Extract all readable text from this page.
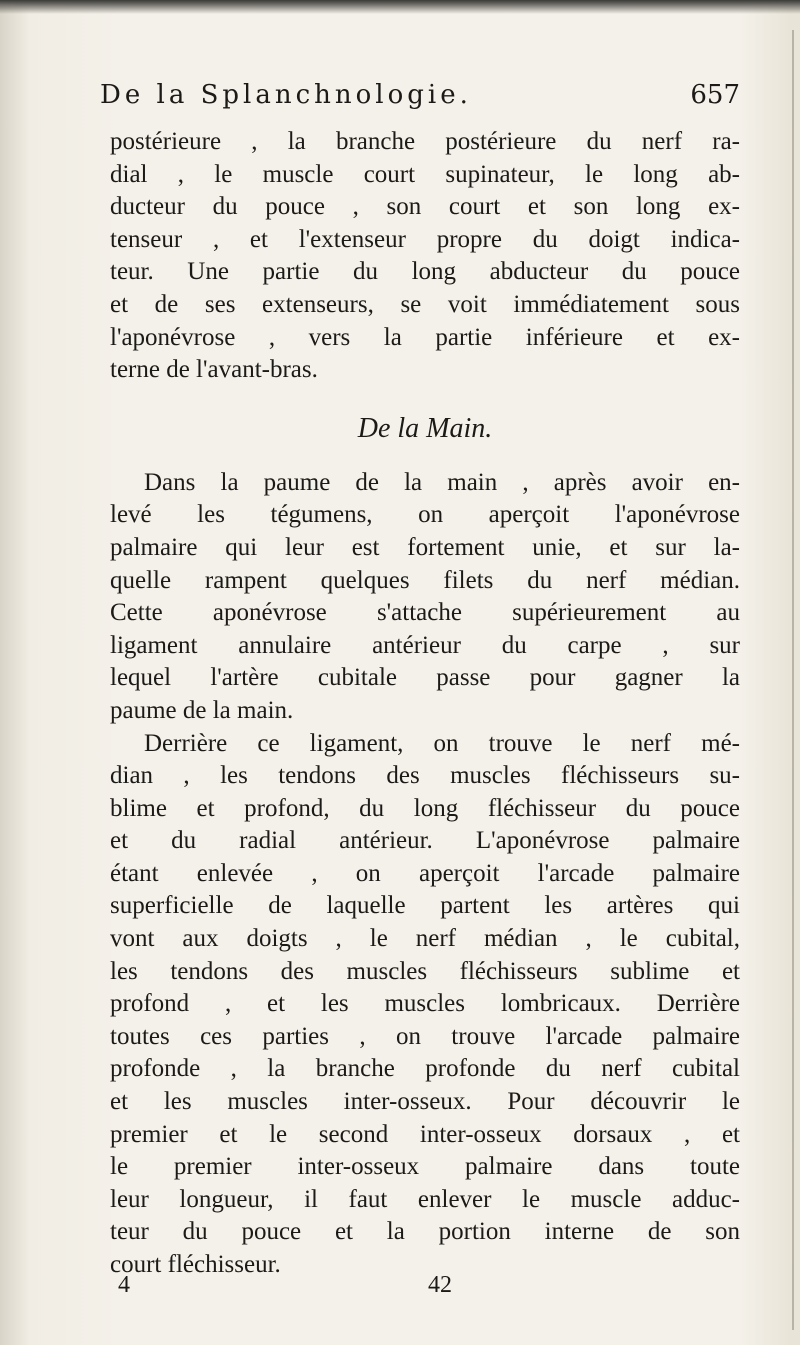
De la Splanchnologie.	657
postérieure , la branche postérieure du nerf ra-
dial , le muscle court supinateur, le long ab-
ducteur du pouce , son court et son long ex-
tenseur , et l'extenseur propre du doigt indica-
teur. Une partie du long abducteur du pouce
et de ses extenseurs, se voit immédiatement sous
l'aponévrose , vers la partie inférieure et ex-
terne de l'avant-bras.
De la Main.
Dans la paume de la main , après avoir en-
levé les tégumens, on aperçoit l'aponévrose
palmaire qui leur est fortement unie, et sur la-
quelle rampent quelques filets du nerf médian.
Cette aponévrose s'attache supérieurement au
ligament annulaire antérieur du carpe , sur
lequel l'artère cubitale passe pour gagner la
paume de la main.
Derrière ce ligament, on trouve le nerf mé-
dian , les tendons des muscles fléchisseurs su-
blime et profond, du long fléchisseur du pouce
et du radial antérieur. L'aponévrose palmaire
étant enlevée , on aperçoit l'arcade palmaire
superficielle de laquelle partent les artères qui
vont aux doigts , le nerf médian , le cubital,
les tendons des muscles fléchisseurs sublime et
profond , et les muscles lombricaux. Derrière
toutes ces parties , on trouve l'arcade palmaire
profonde , la branche profonde du nerf cubital
et les muscles inter-osseux. Pour découvrir le
premier et le second inter-osseux dorsaux , et
le premier inter-osseux palmaire dans toute
leur longueur, il faut enlever le muscle adduc-
teur du pouce et la portion interne de son
court fléchisseur.
4	42
